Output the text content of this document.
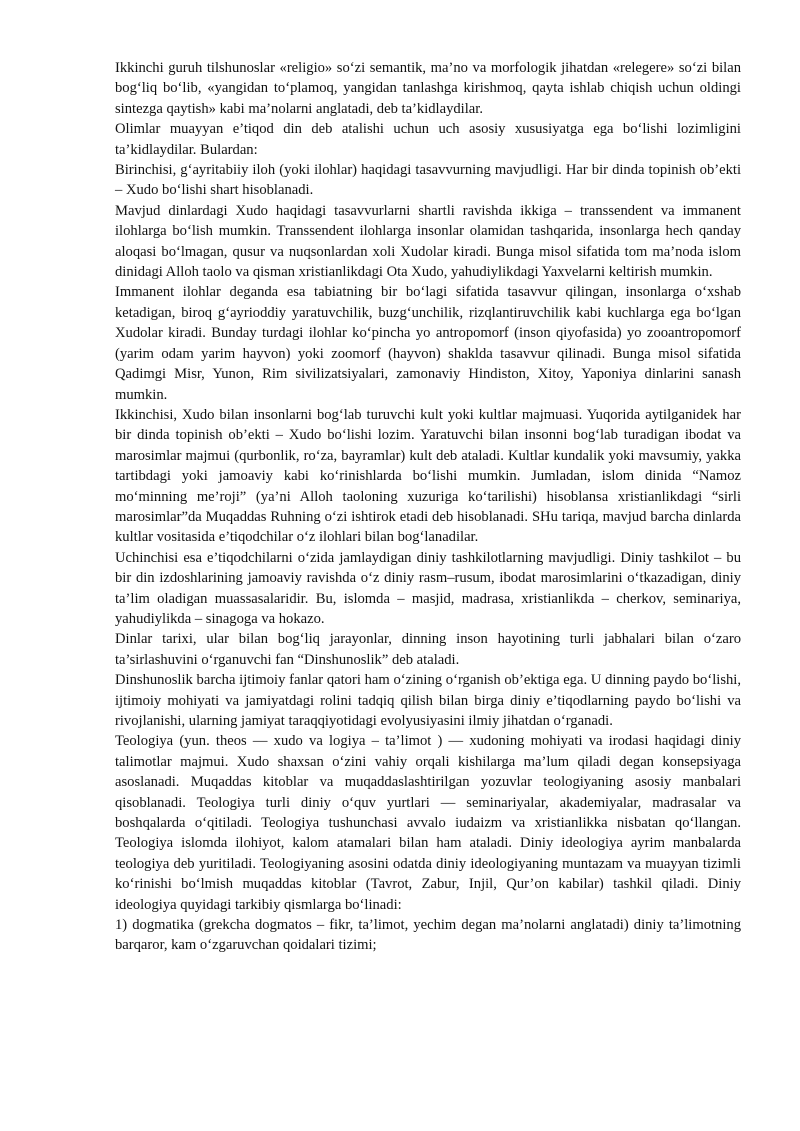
Ikkinchi guruh tilshunoslar «religio» so‘zi semantik, ma’no va morfologik jihatdan «relegere» so‘zi bilan bog‘liq bo‘lib, «yangidan to‘plamoq, yangidan tanlashga kirishmoq, qayta ishlab chiqish uchun oldingi sintezga qaytish» kabi ma’nolarni anglatadi, deb ta’kidlaydilar.

Olimlar muayyan e’tiqod din deb atalishi uchun uch asosiy xususiyatga ega bo‘lishi lozimligini ta’kidlaydilar. Bulardan:

Birinchisi, g‘ayritabiiy iloh (yoki ilohlar) haqidagi tasavvurning mavjudligi. Har bir dinda topinish ob’ekti – Xudo bo‘lishi shart hisoblanadi.

Mavjud dinlardagi Xudo haqidagi tasavvurlarni shartli ravishda ikkiga – transsendent va immanent ilohlarga bo‘lish mumkin. Transsendent ilohlarga insonlar olamidan tashqarida, insonlarga hech qanday aloqasi bo‘lmagan, qusur va nuqsonlardan xoli Xudolar kiradi. Bunga misol sifatida tom ma’noda islom dinidagi Alloh taolo va qisman xristianlikdagi Ota Xudo, yahudiylikdagi Yaxvelarni keltirish mumkin.

Immanent ilohlar deganda esa tabiatning bir bo‘lagi sifatida tasavvur qilingan, insonlarga o‘xshab ketadigan, biroq g‘ayrioddiy yaratuvchilik, buzg‘unchilik, rizqlantiruvchilik kabi kuchlarga ega bo‘lgan Xudolar kiradi. Bunday turdagi ilohlar ko‘pincha yo antropomorf (inson qiyofasida) yo zooantropomorf (yarim odam yarim hayvon) yoki zoomorf (hayvon) shaklda tasavvur qilinadi. Bunga misol sifatida Qadimgi Misr, Yunon, Rim sivilizatsiyalari, zamonaviy Hindiston, Xitoy, Yaponiya dinlarini sanash mumkin.

Ikkinchisi, Xudo bilan insonlarni bog‘lab turuvchi kult yoki kultlar majmuasi. Yuqorida aytilganidek har bir dinda topinish ob’ekti – Xudo bo‘lishi lozim. Yaratuvchi bilan insonni bog‘lab turadigan ibodat va marosimlar majmui (qurbonlik, ro‘za, bayramlar) kult deb ataladi. Kultlar kundalik yoki mavsumiy, yakka tartibdagi yoki jamoaviy kabi ko‘rinishlarda bo‘lishi mumkin. Jumladan, islom dinida “Namoz mo‘minning me’roji” (ya’ni Alloh taoloning xuzuriga ko‘tarilishi) hisoblansa xristianlikdagi “sirli marosimlar”da Muqaddas Ruhning o‘zi ishtirok etadi deb hisoblanadi. SHu tariqa, mavjud barcha dinlarda kultlar vositasida e’tiqodchilar o‘z ilohlari bilan bog‘lanadilar.

Uchinchisi esa e’tiqodchilarni o‘zida jamlaydigan diniy tashkilotlarning mavjudligi. Diniy tashkilot – bu bir din izdoshlarining jamoaviy ravishda o‘z diniy rasm–rusum, ibodat marosimlarini o‘tkazadigan, diniy ta’lim oladigan muassasalaridir. Bu, islomda – masjid, madrasa, xristianlikda – cherkov, seminariya, yahudiylikda – sinagoga va hokazo.

Dinlar tarixi, ular bilan bog‘liq jarayonlar, dinning inson hayotining turli jabhalari bilan o‘zaro ta’sirlashuvini o‘rganuvchi fan “Dinshunoslik” deb ataladi.

Dinshunoslik barcha ijtimoiy fanlar qatori ham o‘zining o‘rganish ob’ektiga ega. U dinning paydo bo‘lishi, ijtimoiy mohiyati va jamiyatdagi rolini tadqiq qilish bilan birga diniy e’tiqodlarning paydo bo‘lishi va rivojlanishi, ularning jamiyat taraqqiyotidagi evolyusiyasini ilmiy jihatdan o‘rganadi.

Teologiya (yun. theos — xudo va logiya – ta’limot ) — xudoning mohiyati va irodasi haqidagi diniy talimotlar majmui. Xudo shaxsan o‘zini vahiy orqali kishilarga ma’lum qiladi degan konsepsiyaga asoslanadi. Muqaddas kitoblar va muqaddaslashtirilgan yozuvlar teologiyaning asosiy manbalari qisoblanadi. Teologiya turli diniy o‘quv yurtlari — seminariyalar, akademiyalar, madrasalar va boshqalarda o‘qitiladi. Teologiya tushunchasi avvalo iudaizm va xristianlikka nisbatan qo‘llangan. Teologiya islomda ilohiyot, kalom atamalari bilan ham ataladi. Diniy ideologiya ayrim manbalarda teologiya deb yuritiladi. Teologiyaning asosini odatda diniy ideologiyaning muntazam va muayyan tizimli ko‘rinishi bo‘lmish muqaddas kitoblar (Tavrot, Zabur, Injil, Qur’on kabilar) tashkil qiladi. Diniy ideologiya quyidagi tarkibiy qismlarga bo‘linadi:

1) dogmatika (grekcha dogmatos – fikr, ta’limot, yechim degan ma’nolarni anglatadi) diniy ta’limotning barqaror, kam o‘zgaruvchan qoidalari tizimi;
